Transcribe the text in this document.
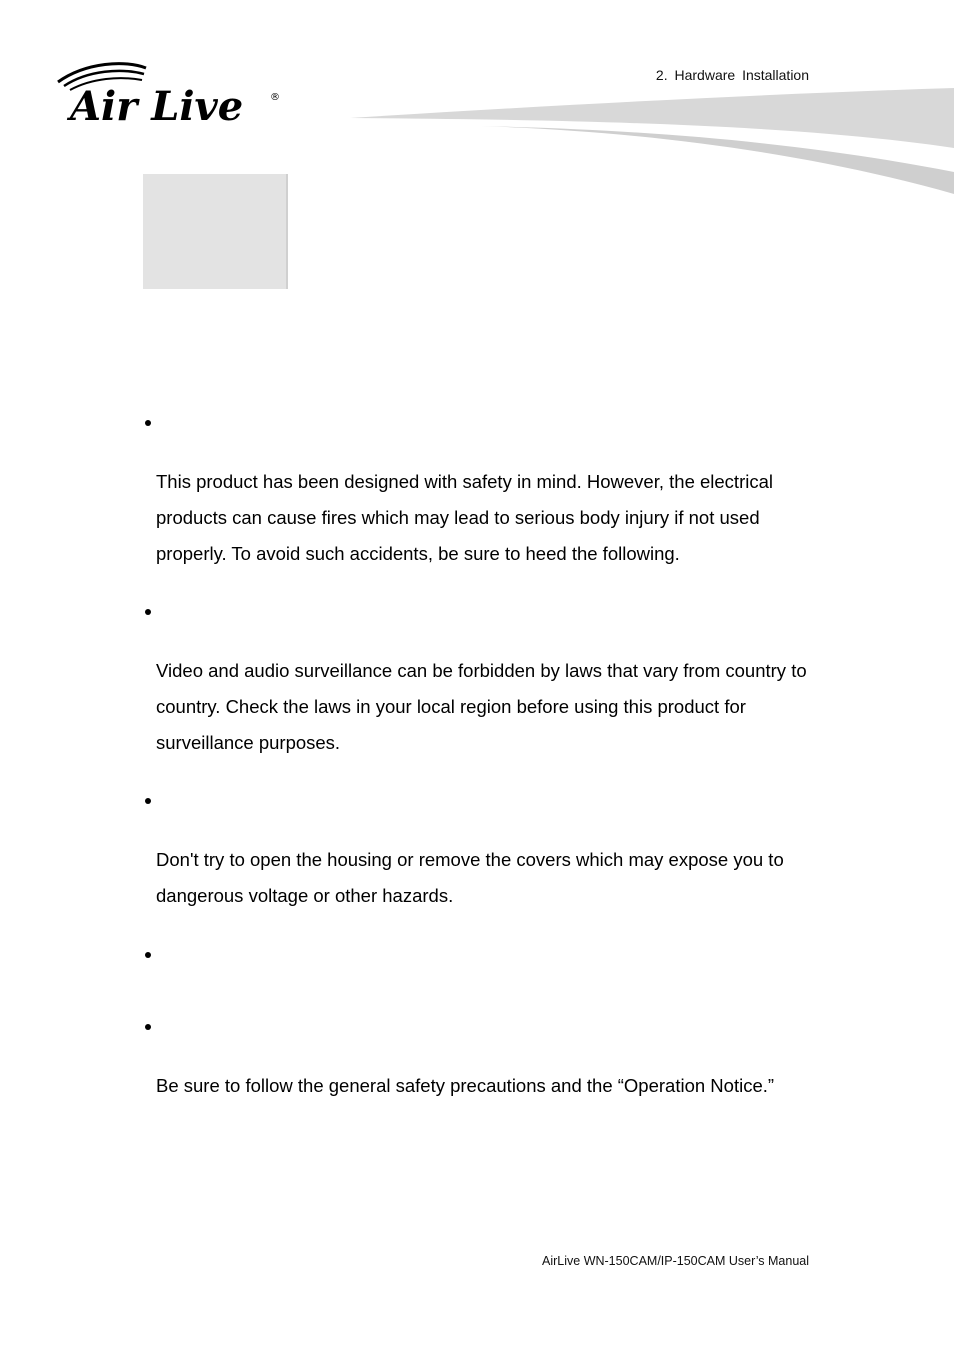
Air Live	®
2. Hardware Installation
This product has been designed with safety in mind. However, the electrical products can cause fires which may lead to serious body injury if not used properly. To avoid such accidents, be sure to heed the following.
Video and audio surveillance can be forbidden by laws that vary from country to country. Check the laws in your local region before using this product for surveillance purposes.
Don't try to open the housing or remove the covers which may expose you to dangerous voltage or other hazards.
Be sure to follow the general safety precautions and the “Operation Notice.”
AirLive WN-150CAM/IP-150CAM User’s Manual
